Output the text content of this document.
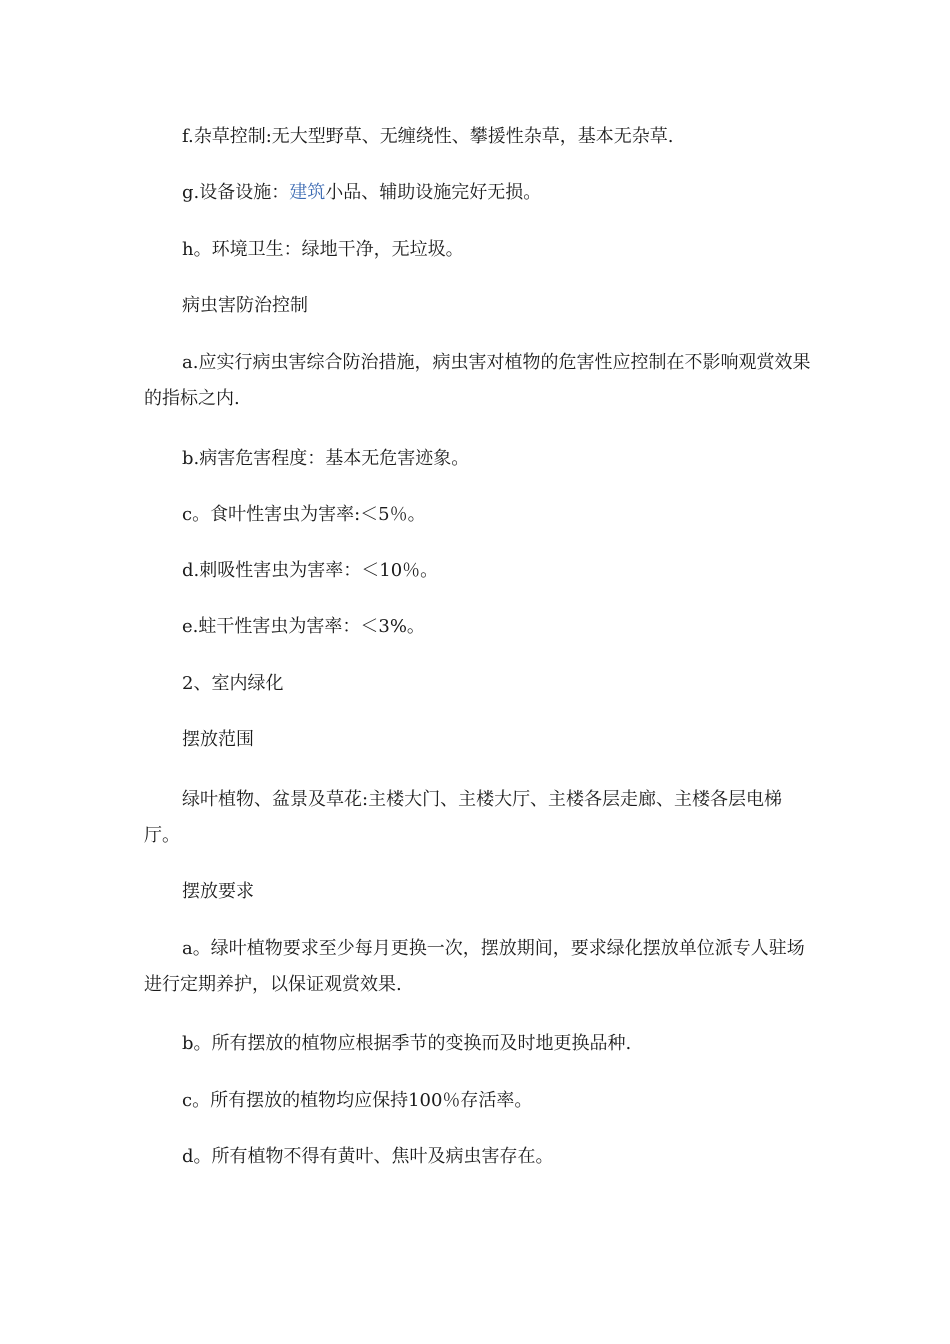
f.杂草控制:无大型野草、无缠绕性、攀援性杂草，基本无杂草.

g.设备设施：建筑小品、辅助设施完好无损。

h。环境卫生：绿地干净，无垃圾。

病虫害防治控制

a.应实行病虫害综合防治措施，病虫害对植物的危害性应控制在不影响观赏效果的指标之内.

b.病害危害程度：基本无危害迹象。

c。食叶性害虫为害率:＜5％。

d.刺吸性害虫为害率：＜10％。

e.蛀干性害虫为害率：＜3%。

2、室内绿化

摆放范围

绿叶植物、盆景及草花:主楼大门、主楼大厅、主楼各层走廊、主楼各层电梯厅。

摆放要求

a。绿叶植物要求至少每月更换一次，摆放期间，要求绿化摆放单位派专人驻场进行定期养护，以保证观赏效果.

b。所有摆放的植物应根据季节的变换而及时地更换品种.

c。所有摆放的植物均应保持100％存活率。

d。所有植物不得有黄叶、焦叶及病虫害存在。
